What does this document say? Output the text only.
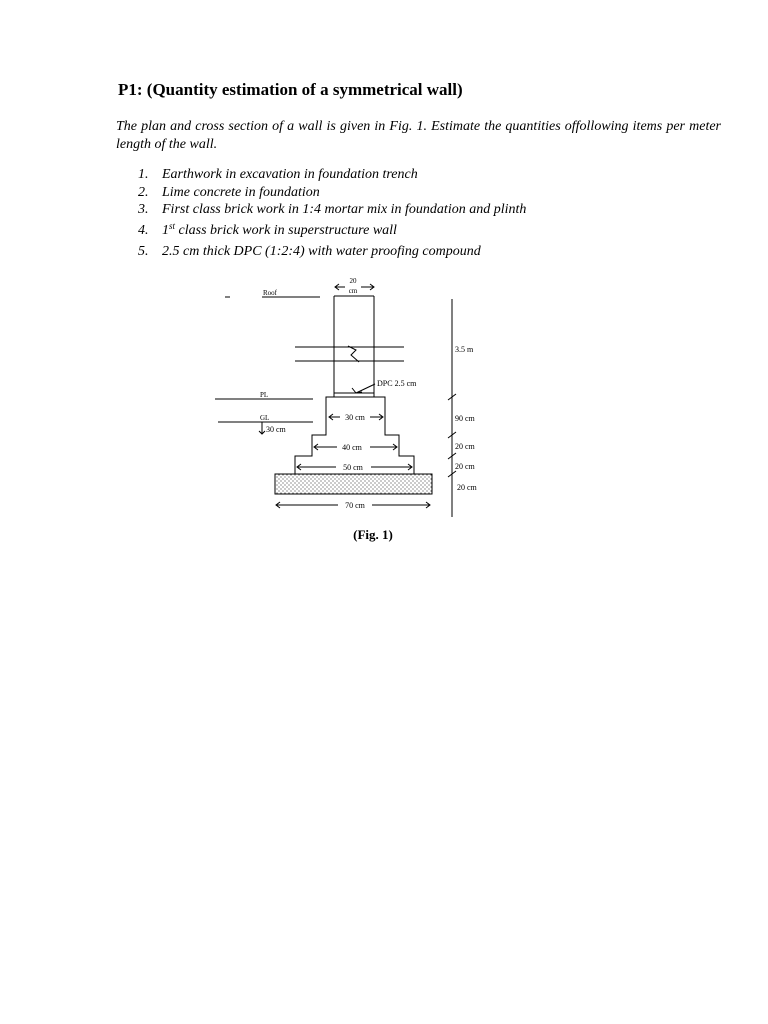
P1: (Quantity estimation of a symmetrical wall)

The plan and cross section of a wall is given in Fig. 1. Estimate the quantities offollowing items per meter length of the wall.

1. Earthwork in excavation in foundation trench
2. Lime concrete in foundation
3. First class brick work in 1:4 mortar mix in foundation and plinth
4. 1st class brick work in superstructure wall
5. 2.5 cm thick DPC (1:2:4) with water proofing compound
Roof
20
cm
DPC 2.5 cm
30 cm
40 cm
50 cm
70 cm
PL
GL
30 cm
3.5 m
90 cm
20 cm
20 cm
20 cm
(Fig. 1)
